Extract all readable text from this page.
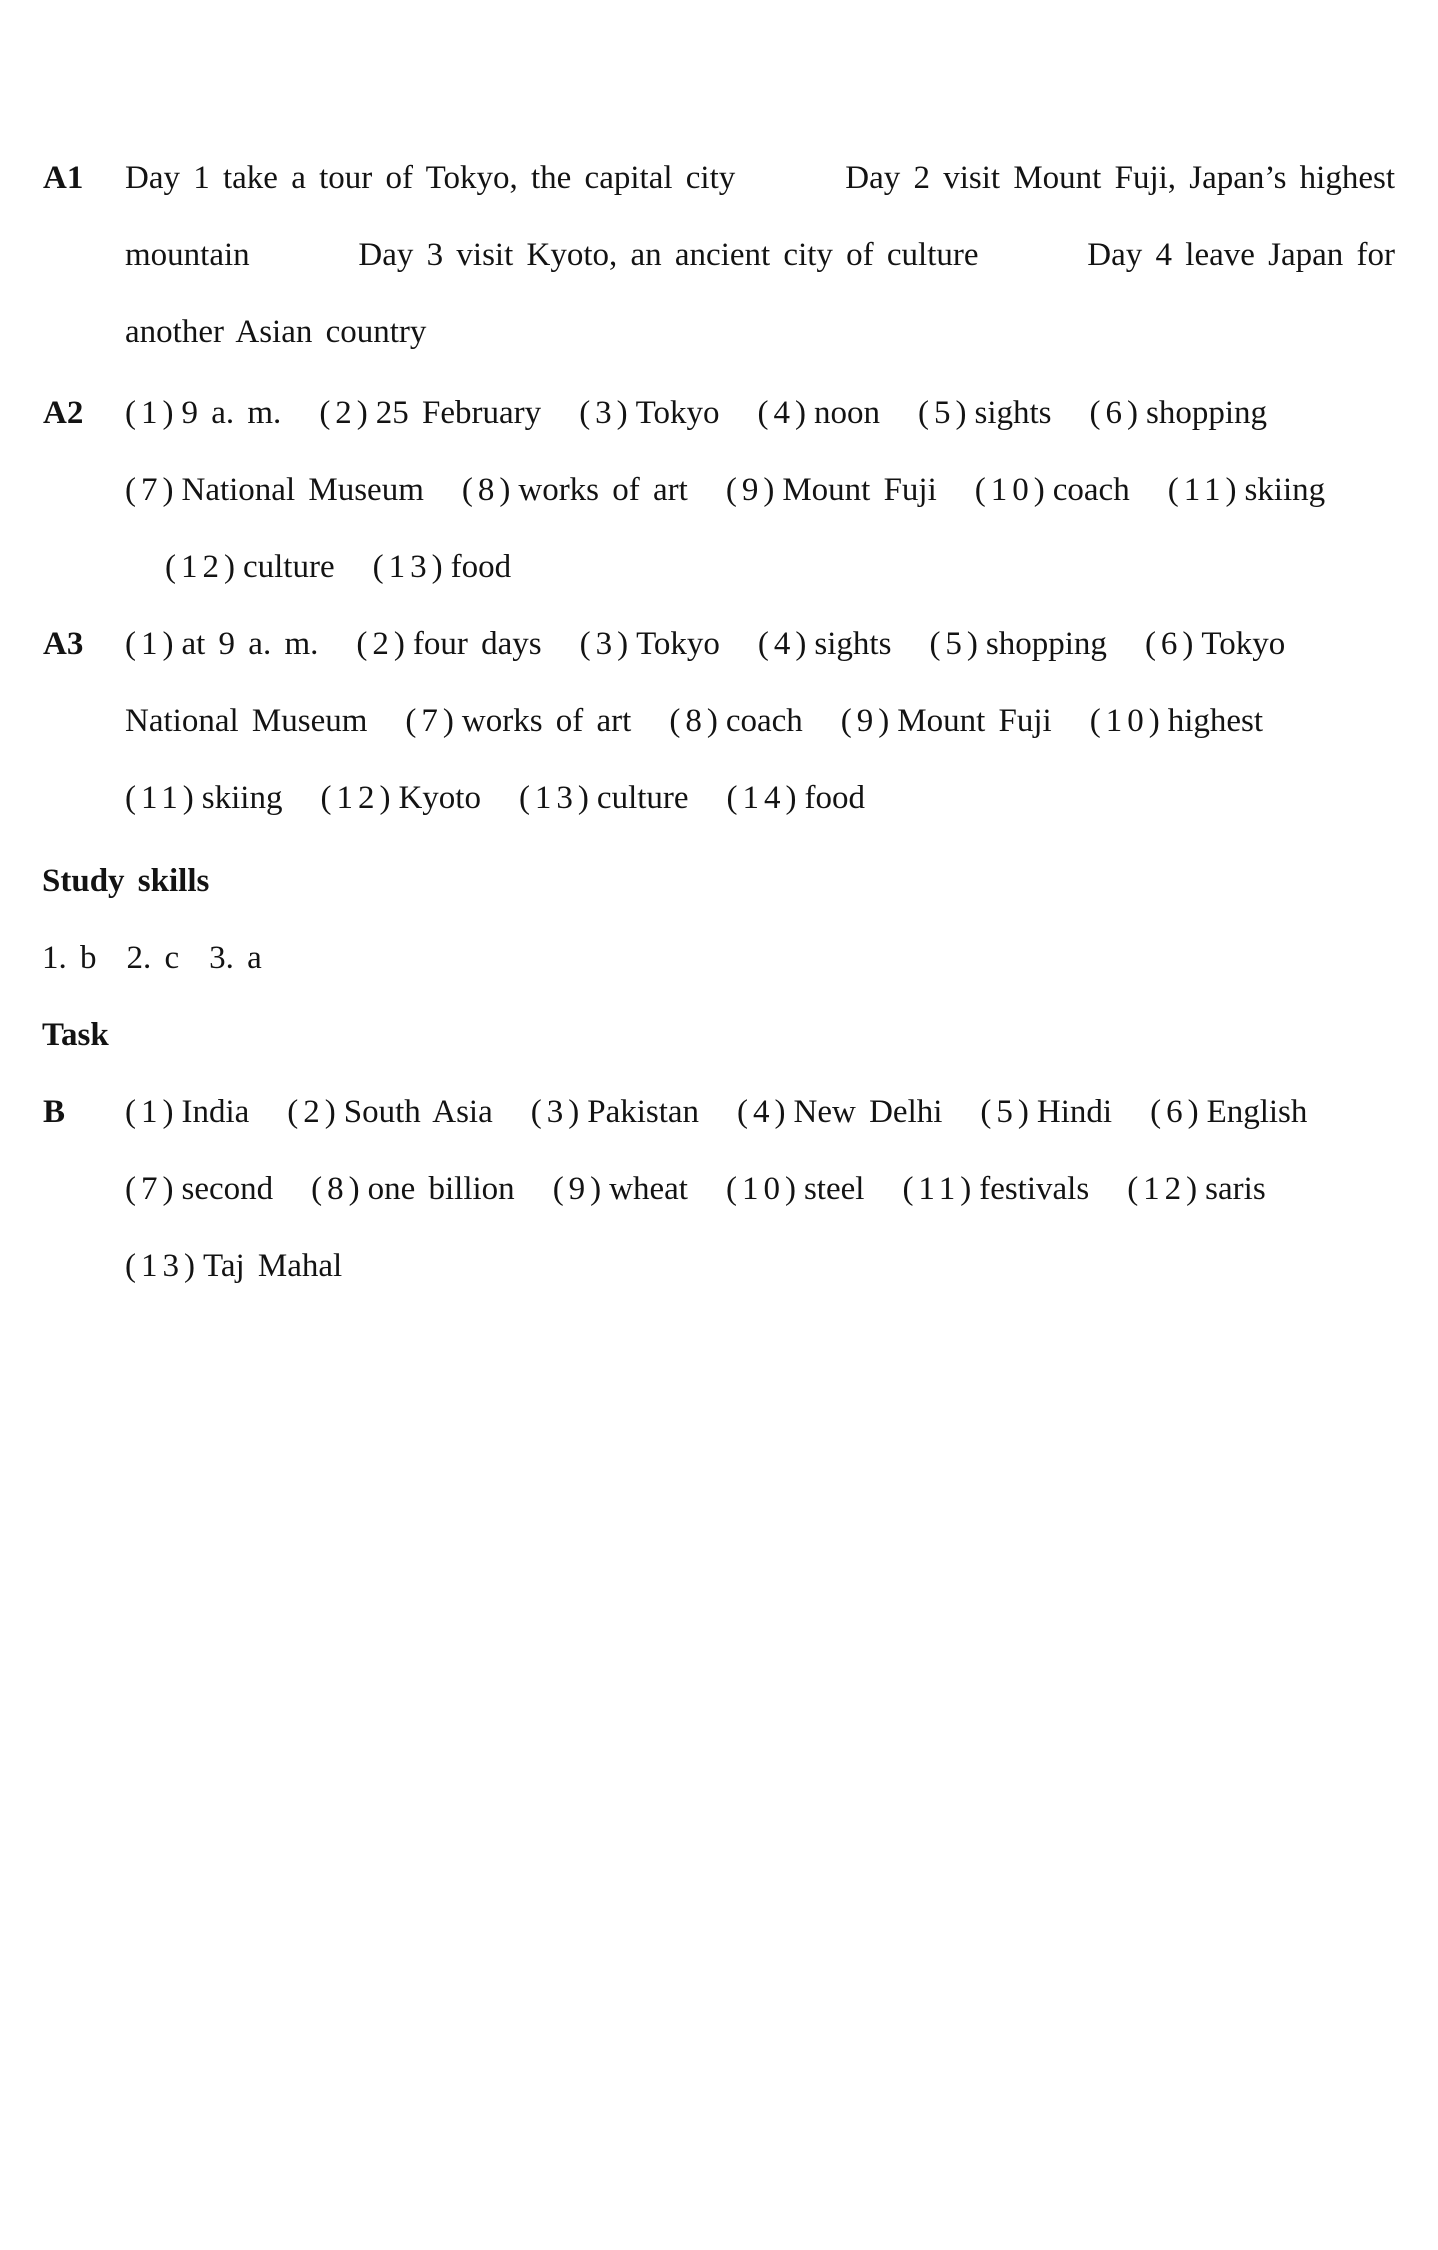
A1 Day 1 take a tour of Tokyo, the capital city	Day 2 visit Mount Fuji, Japan’s highest
mountain	Day 3 visit Kyoto, an ancient city of culture	Day 4 leave Japan for
another Asian country
A2 (1)9 a. m. (2)25 February (3)Tokyo (4)noon (5)sights (6)shopping
(7)National Museum (8)works of art (9)Mount Fuji (10)coach (11)skiing
(12)culture (13)food
A3 (1)at 9 a. m. (2)four days (3)Tokyo (4)sights (5)shopping (6)Tokyo
National Museum (7)works of art (8)coach (9)Mount Fuji (10)highest
(11)skiing (12)Kyoto (13)culture (14)food
Study skills
1. b 2. c 3. a
Task
B (1)India (2)South Asia (3)Pakistan (4)New Delhi (5)Hindi (6)English
(7)second (8)one billion (9)wheat (10)steel (11)festivals (12)saris
(13)Taj Mahal
